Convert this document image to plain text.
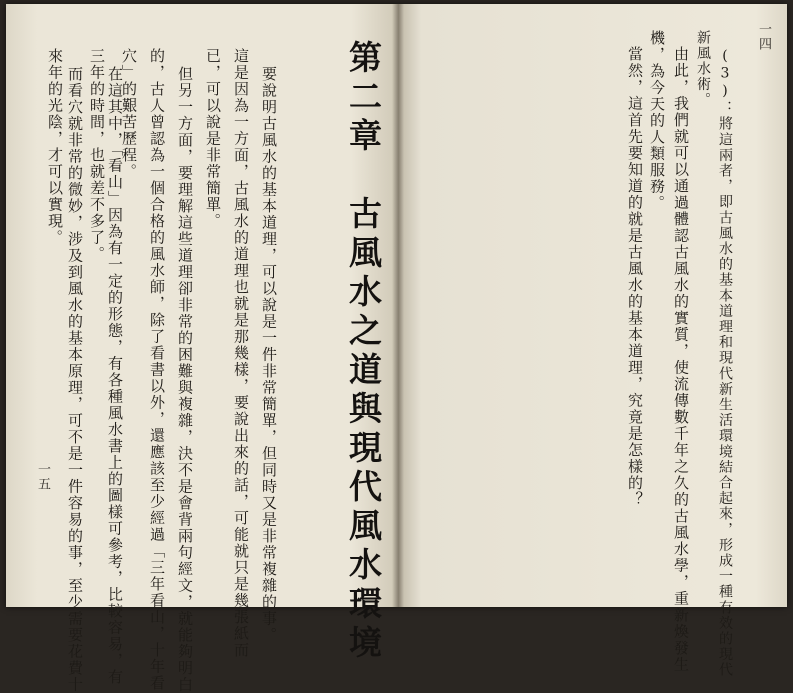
第二章　古風水之道與現代風水環境
要說明古風水的基本道理，可以說是一件非常簡單，但同時又是非常複雜的事。
這是因為一方面，古風水的道理也就是那幾樣，要說出來的話，可能就只是幾張紙而
已，可以說是非常簡單。
但另一方面，要理解這些道理卻非常的困難與複雜，決不是會背兩句經文，就能夠明白
的，古人曾認為一個合格的風水師，除了看書以外，還應該至少經過「三年看山，十年看
穴」的艱苦歷程。
在這其中，「看山」因為有一定的形態，有各種風水書上的圖樣可參考，比較容易，有
三年的時間，也就差不多了。
而看穴就非常的微妙，涉及到風水的基本原理，可不是一件容易的事，至少需要花費十
來年的光陰，才可以實現。
一五	(3)：將這兩者，即古風水的基本道理和現代新生活環境結合起來，形成一種有效的現代
新風水術。
由此，我們就可以通過體認古風水的實質，使流傳數千年之久的古風水學，重新煥發生
機，為今天的人類服務。
當然，這首先要知道的就是古風水的基本道理，究竟是怎樣的？
一四
